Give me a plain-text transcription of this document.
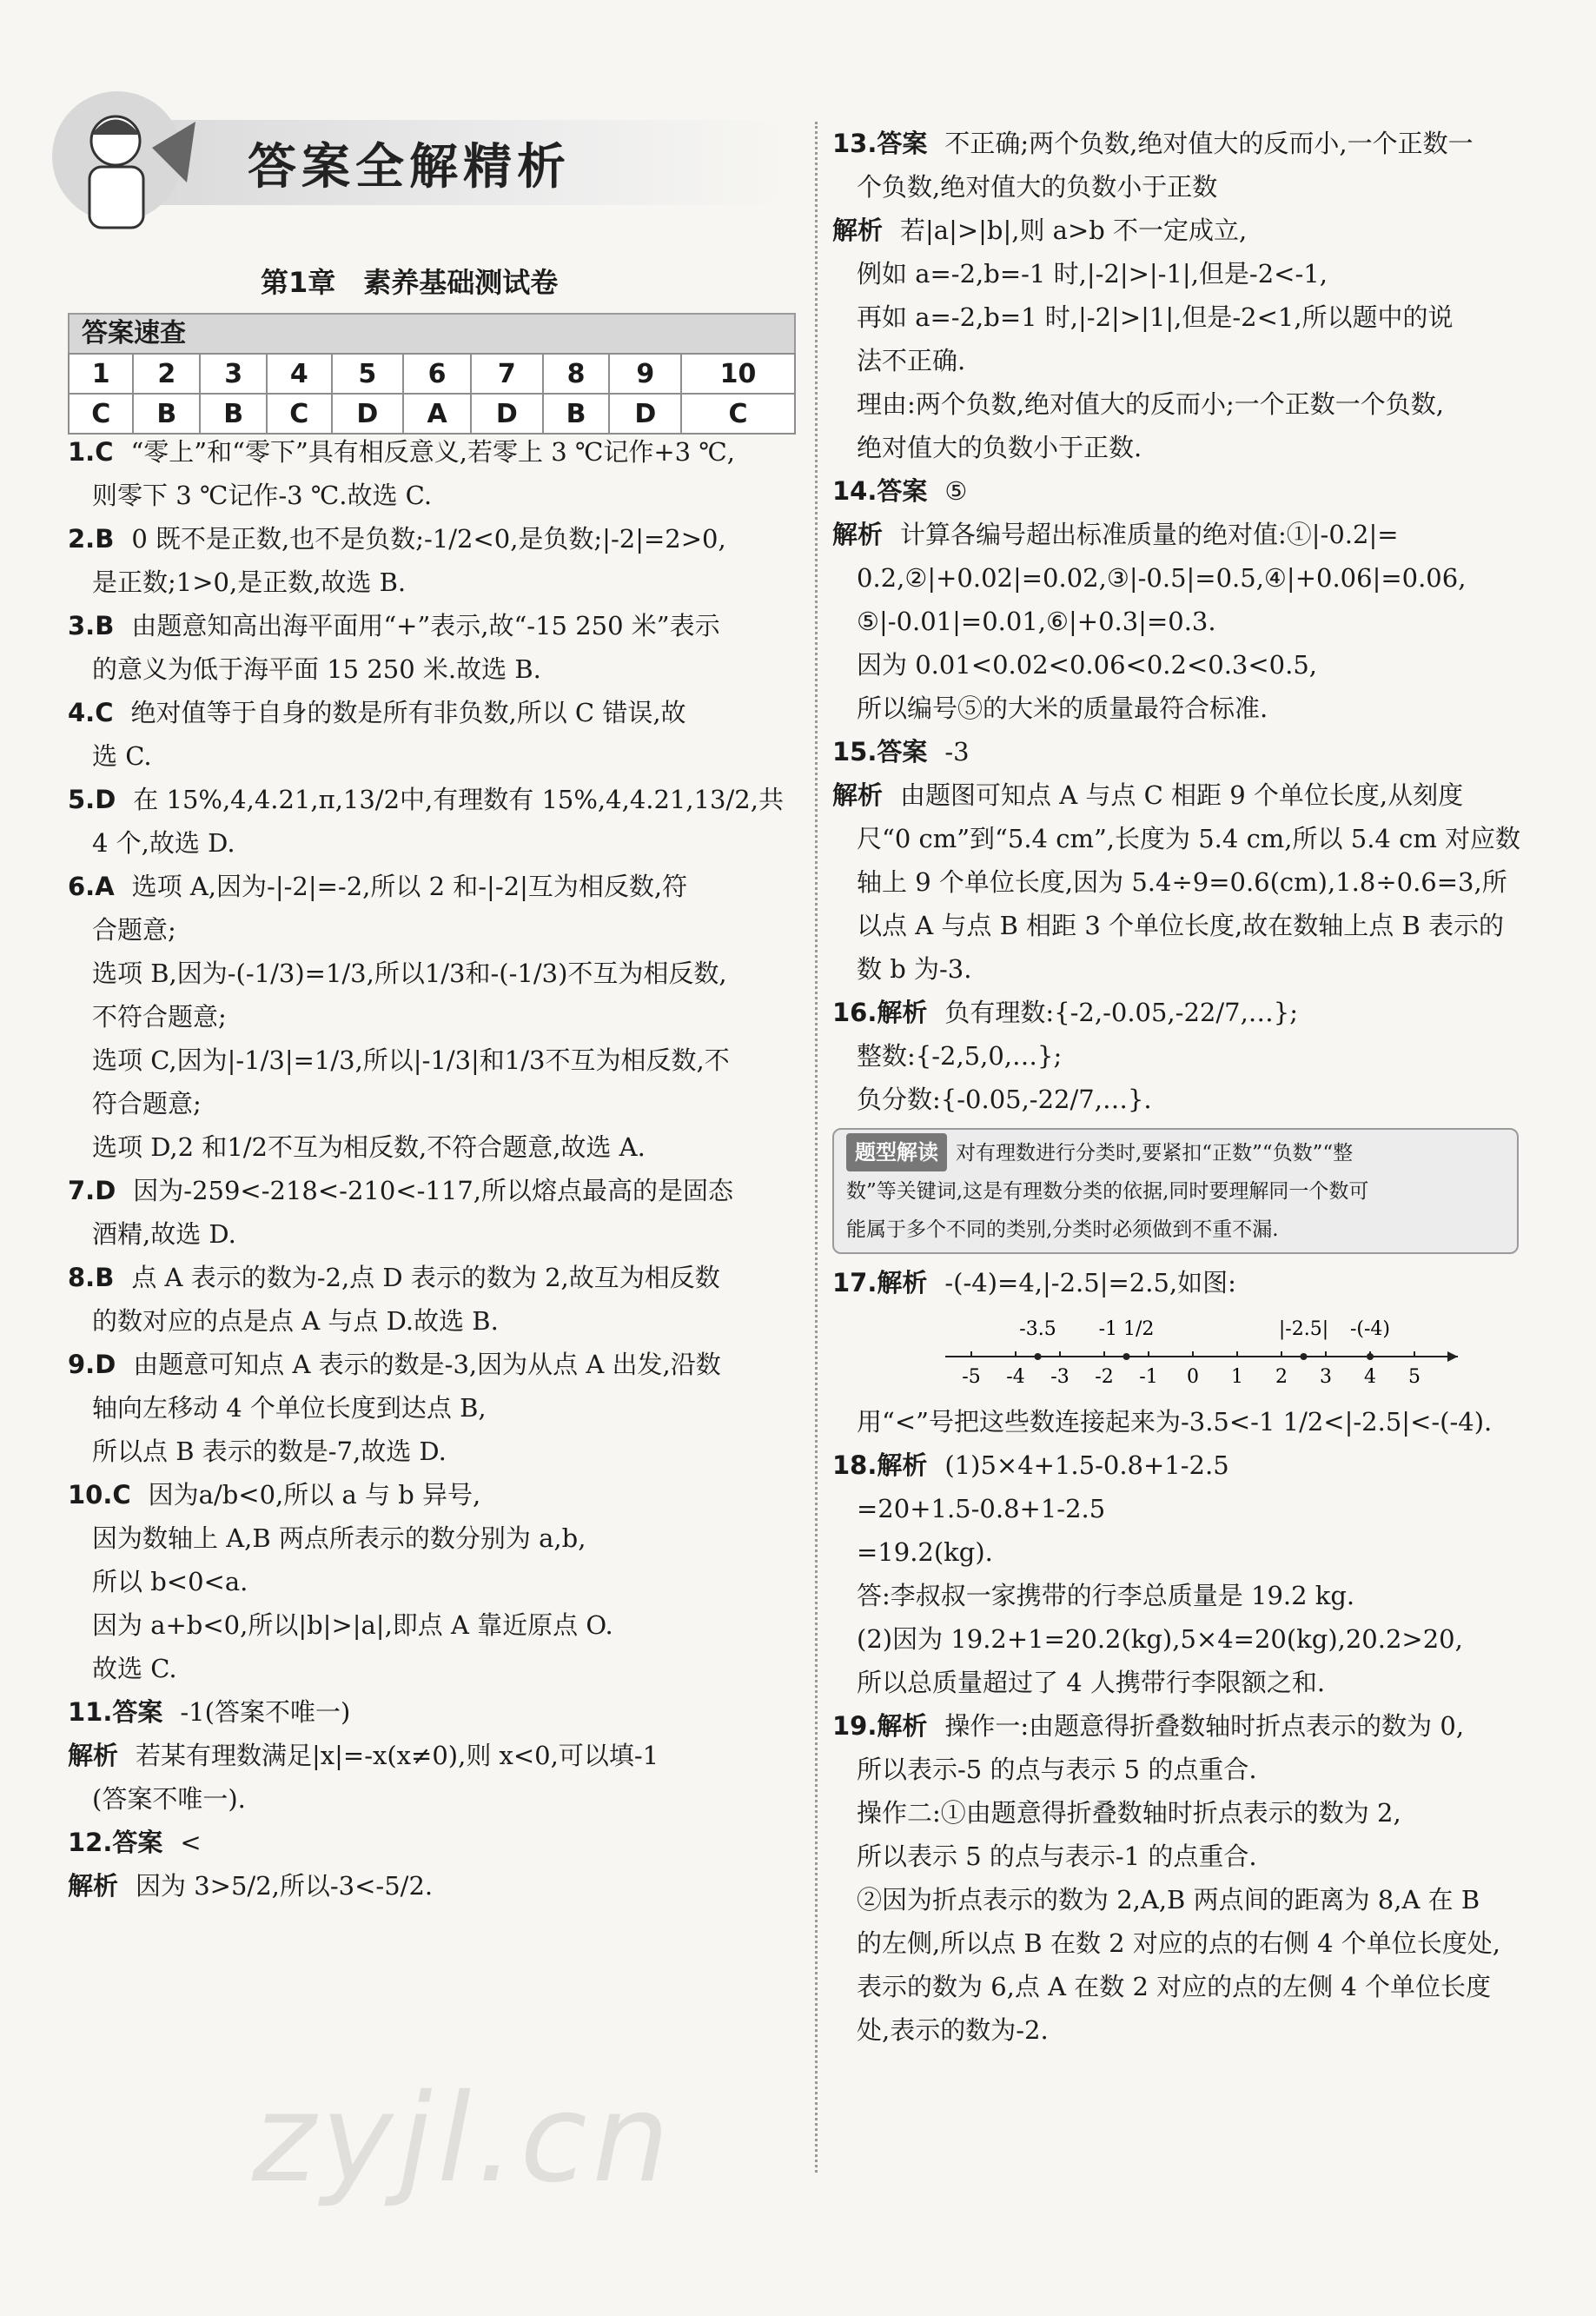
答案全解精析
第1章　素养基础测试卷
答案速查
1	2	3	4	5	6	7	8	9	10
C	B	B	C	D	A	D	B	D	C
1.C “零上”和“零下”具有相反意义,若零上 3 ℃记作+3 ℃,
则零下 3 ℃记作-3 ℃.故选 C.
2.B 0 既不是正数,也不是负数;-1/2<0,是负数;|-2|=2>0,
是正数;1>0,是正数,故选 B.
3.B 由题意知高出海平面用“+”表示,故“-15 250 米”表示
的意义为低于海平面 15 250 米.故选 B.
4.C 绝对值等于自身的数是所有非负数,所以 C 错误,故
选 C.
5.D 在 15%,4,4.21,π,13/2中,有理数有 15%,4,4.21,13/2,共
4 个,故选 D.
6.A 选项 A,因为-|-2|=-2,所以 2 和-|-2|互为相反数,符
合题意;
选项 B,因为-(-1/3)=1/3,所以1/3和-(-1/3)不互为相反数,
不符合题意;
选项 C,因为|-1/3|=1/3,所以|-1/3|和1/3不互为相反数,不
符合题意;
选项 D,2 和1/2不互为相反数,不符合题意,故选 A.
7.D 因为-259<-218<-210<-117,所以熔点最高的是固态
酒精,故选 D.
8.B 点 A 表示的数为-2,点 D 表示的数为 2,故互为相反数
的数对应的点是点 A 与点 D.故选 B.
9.D 由题意可知点 A 表示的数是-3,因为从点 A 出发,沿数
轴向左移动 4 个单位长度到达点 B,
所以点 B 表示的数是-7,故选 D.
10.C 因为a/b<0,所以 a 与 b 异号,
因为数轴上 A,B 两点所表示的数分别为 a,b,
所以 b<0<a.
因为 a+b<0,所以|b|>|a|,即点 A 靠近原点 O.
故选 C.
11.答案 -1(答案不唯一)
解析 若某有理数满足|x|=-x(x≠0),则 x<0,可以填-1
(答案不唯一).
12.答案 <
解析 因为 3>5/2,所以-3<-5/2.
13.答案 不正确;两个负数,绝对值大的反而小,一个正数一
个负数,绝对值大的负数小于正数
解析 若|a|>|b|,则 a>b 不一定成立,
例如 a=-2,b=-1 时,|-2|>|-1|,但是-2<-1,
再如 a=-2,b=1 时,|-2|>|1|,但是-2<1,所以题中的说
法不正确.
理由:两个负数,绝对值大的反而小;一个正数一个负数,
绝对值大的负数小于正数.
14.答案 ⑤
解析 计算各编号超出标准质量的绝对值:①|-0.2|=
0.2,②|+0.02|=0.02,③|-0.5|=0.5,④|+0.06|=0.06,
⑤|-0.01|=0.01,⑥|+0.3|=0.3.
因为 0.01<0.02<0.06<0.2<0.3<0.5,
所以编号⑤的大米的质量最符合标准.
15.答案 -3
解析 由题图可知点 A 与点 C 相距 9 个单位长度,从刻度
尺“0 cm”到“5.4 cm”,长度为 5.4 cm,所以 5.4 cm 对应数
轴上 9 个单位长度,因为 5.4÷9=0.6(cm),1.8÷0.6=3,所
以点 A 与点 B 相距 3 个单位长度,故在数轴上点 B 表示的
数 b 为-3.
16.解析 负有理数:{-2,-0.05,-22/7,…};
整数:{-2,5,0,…};
负分数:{-0.05,-22/7,…}.
题型解读 对有理数进行分类时,要紧扣“正数”“负数”“整
数”等关键词,这是有理数分类的依据,同时要理解同一个数可
能属于多个不同的类别,分类时必须做到不重不漏.
17.解析 -(-4)=4,|-2.5|=2.5,如图:
-5 -4 -3 -2 -1 0 1 2 3 4 5
-3.5 -1 1/2	|-2.5| -(-4)
用“<”号把这些数连接起来为-3.5<-1 1/2<|-2.5|<-(-4).
18.解析 (1)5×4+1.5-0.8+1-2.5
=20+1.5-0.8+1-2.5
=19.2(kg).
答:李叔叔一家携带的行李总质量是 19.2 kg.
(2)因为 19.2+1=20.2(kg),5×4=20(kg),20.2>20,
所以总质量超过了 4 人携带行李限额之和.
19.解析 操作一:由题意得折叠数轴时折点表示的数为 0,
所以表示-5 的点与表示 5 的点重合.
操作二:①由题意得折叠数轴时折点表示的数为 2,
所以表示 5 的点与表示-1 的点重合.
②因为折点表示的数为 2,A,B 两点间的距离为 8,A 在 B
的左侧,所以点 B 在数 2 对应的点的右侧 4 个单位长度处,
表示的数为 6,点 A 在数 2 对应的点的左侧 4 个单位长度
处,表示的数为-2.
zyjl.cn
